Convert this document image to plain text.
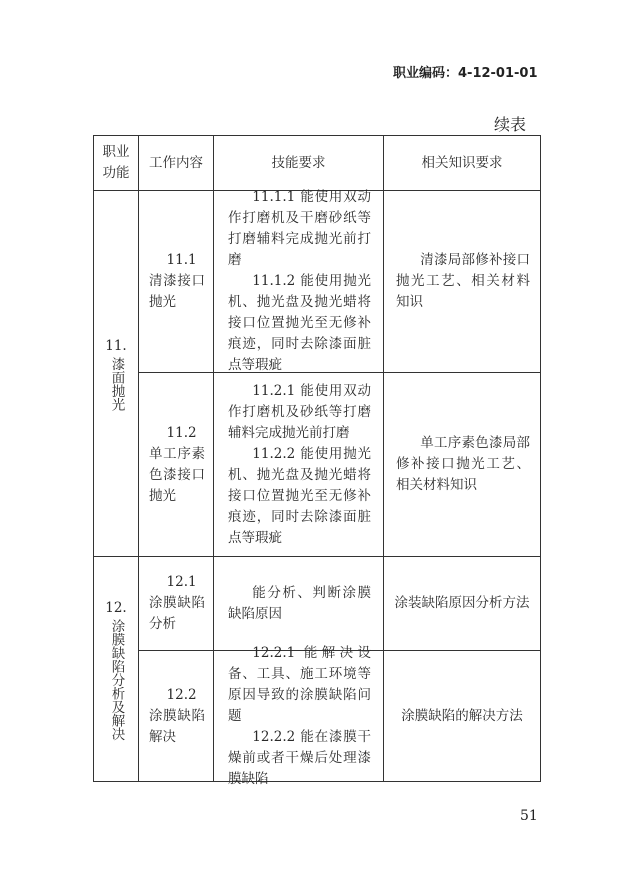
职业编码：4-12-01-01
续表
职业功能
工作内容	技能要求	相关知识要求
11.
漆面抛光

11.1 清漆接口抛光

11.1.1 能使用双动作打磨机及干磨砂纸等打磨辅料完成抛光前打磨

11.1.2 能使用抛光机、抛光盘及抛光蜡将接口位置抛光至无修补痕迹，同时去除漆面脏点等瑕疵

清漆局部修补接口抛光工艺、相关材料知识

11.2 单工序素色漆接口抛光

11.2.1 能使用双动作打磨机及砂纸等打磨辅料完成抛光前打磨

11.2.2 能使用抛光机、抛光盘及抛光蜡将接口位置抛光至无修补痕迹，同时去除漆面脏点等瑕疵

单工序素色漆局部修补接口抛光工艺、相关材料知识

12.
涂膜缺陷分析及解决

12.1 涂膜缺陷分析

能分析、判断涂膜缺陷原因

涂装缺陷原因分析方法

12.2 涂膜缺陷解决

12.2.1 能解决设备、工具、施工环境等原因导致的涂膜缺陷问题

12.2.2 能在漆膜干燥前或者干燥后处理漆膜缺陷

涂膜缺陷的解决方法
51
